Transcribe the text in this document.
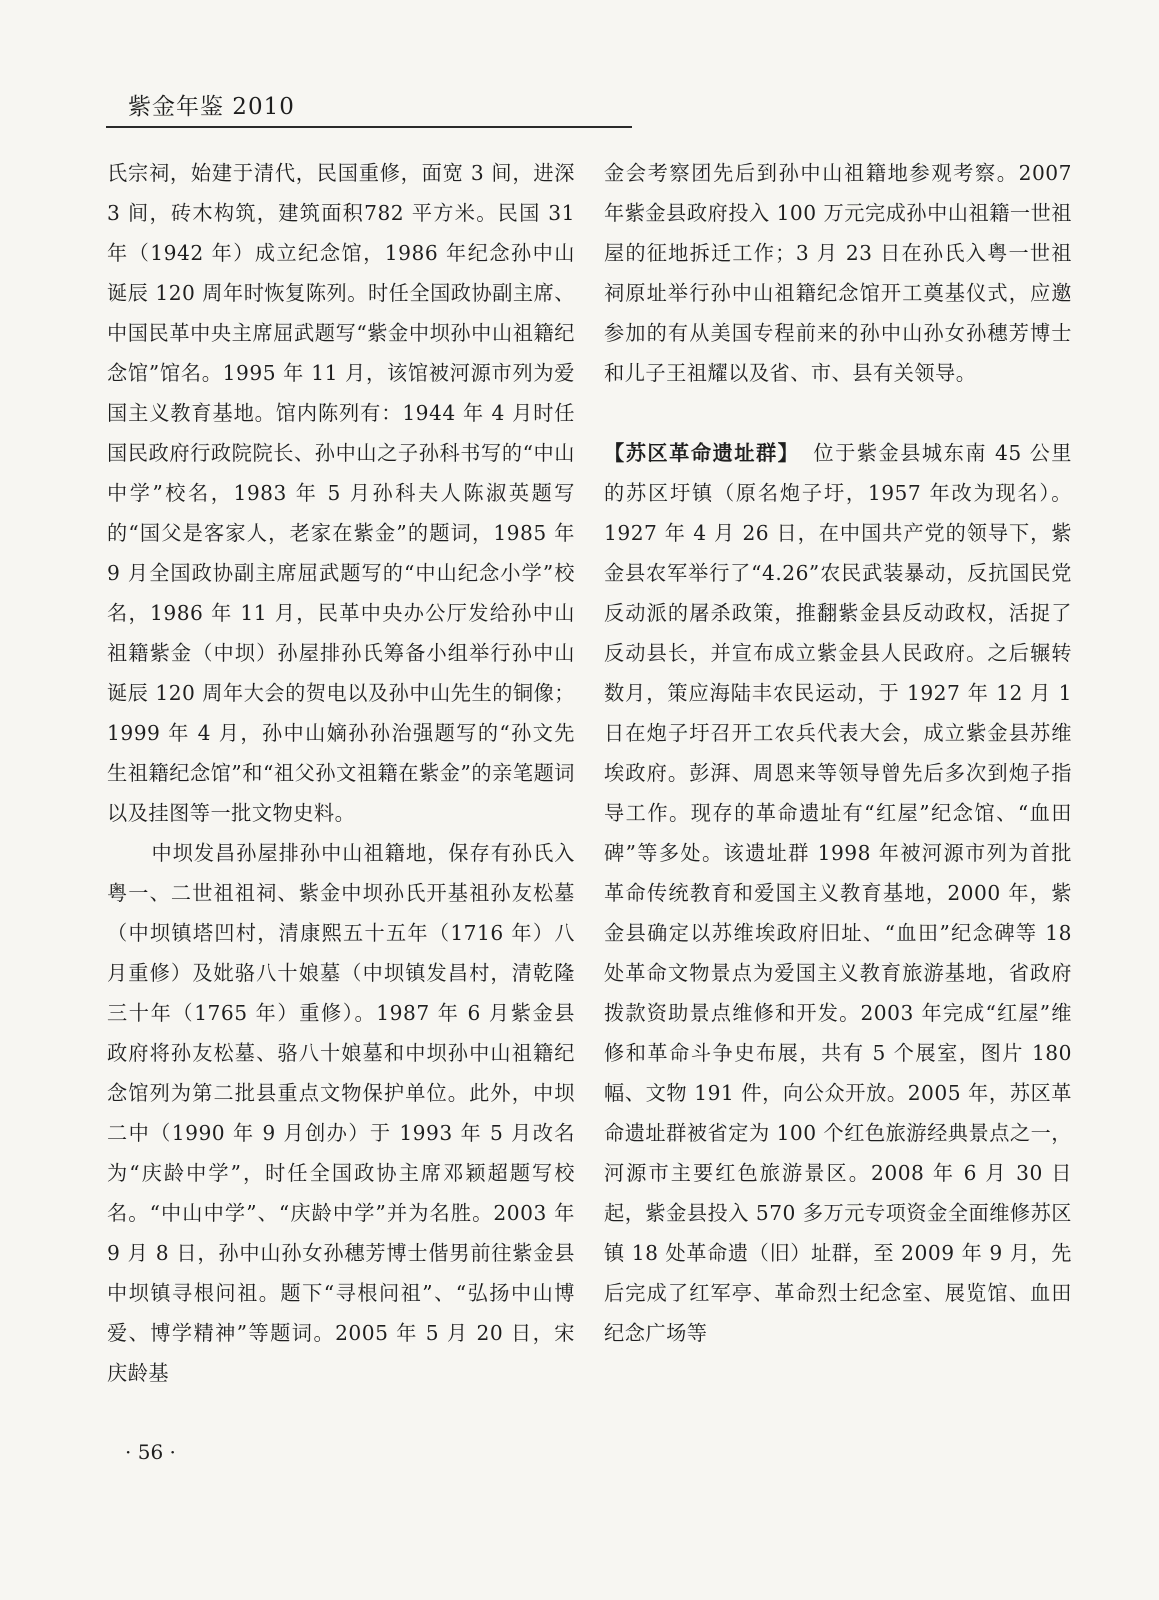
紫金年鉴 2010

氏宗祠，始建于清代，民国重修，面宽 3 间，进深3 间，砖木构筑，建筑面积782 平方米。民国 31 年（1942 年）成立纪念馆，1986 年纪念孙中山诞辰 120 周年时恢复陈列。时任全国政协副主席、中国民革中央主席屈武题写“紫金中坝孙中山祖籍纪念馆”馆名。1995 年 11 月，该馆被河源市列为爱国主义教育基地。馆内陈列有：1944 年 4 月时任国民政府行政院院长、孙中山之子孙科书写的“中山中学”校名，1983 年 5 月孙科夫人陈淑英题写的“国父是客家人，老家在紫金”的题词，1985 年 9 月全国政协副主席屈武题写的“中山纪念小学”校名，1986 年 11 月，民革中央办公厅发给孙中山祖籍紫金（中坝）孙屋排孙氏筹备小组举行孙中山诞辰 120 周年大会的贺电以及孙中山先生的铜像；1999 年 4 月，孙中山嫡孙孙治强题写的“孙文先生祖籍纪念馆”和“祖父孙文祖籍在紫金”的亲笔题词以及挂图等一批文物史料。

中坝发昌孙屋排孙中山祖籍地，保存有孙氏入粤一、二世祖祖祠、紫金中坝孙氏开基祖孙友松墓（中坝镇塔凹村，清康熙五十五年（1716 年）八月重修）及妣骆八十娘墓（中坝镇发昌村，清乾隆三十年（1765 年）重修）。1987 年 6 月紫金县政府将孙友松墓、骆八十娘墓和中坝孙中山祖籍纪念馆列为第二批县重点文物保护单位。此外，中坝二中（1990 年 9 月创办）于 1993 年 5 月改名为“庆龄中学”，时任全国政协主席邓颖超题写校名。“中山中学”、“庆龄中学”并为名胜。2003 年 9 月 8 日，孙中山孙女孙穗芳博士偕男前往紫金县中坝镇寻根问祖。题下“寻根问祖”、“弘扬中山博爱、博学精神”等题词。2005 年 5 月 20 日，宋庆龄基

金会考察团先后到孙中山祖籍地参观考察。2007 年紫金县政府投入 100 万元完成孙中山祖籍一世祖屋的征地拆迁工作；3 月 23 日在孙氏入粤一世祖祠原址举行孙中山祖籍纪念馆开工奠基仪式，应邀参加的有从美国专程前来的孙中山孙女孙穗芳博士和儿子王祖耀以及省、市、县有关领导。

【苏区革命遗址群】 位于紫金县城东南 45 公里的苏区圩镇（原名炮子圩，1957 年改为现名）。1927 年 4 月 26 日，在中国共产党的领导下，紫金县农军举行了“4.26”农民武装暴动，反抗国民党反动派的屠杀政策，推翻紫金县反动政权，活捉了反动县长，并宣布成立紫金县人民政府。之后辗转数月，策应海陆丰农民运动，于 1927 年 12 月 1 日在炮子圩召开工农兵代表大会，成立紫金县苏维埃政府。彭湃、周恩来等领导曾先后多次到炮子指导工作。现存的革命遗址有“红屋”纪念馆、“血田碑”等多处。该遗址群 1998 年被河源市列为首批革命传统教育和爱国主义教育基地，2000 年，紫金县确定以苏维埃政府旧址、“血田”纪念碑等 18 处革命文物景点为爱国主义教育旅游基地，省政府拨款资助景点维修和开发。2003 年完成“红屋”维修和革命斗争史布展，共有 5 个展室，图片 180 幅、文物 191 件，向公众开放。2005 年，苏区革命遗址群被省定为 100 个红色旅游经典景点之一，河源市主要红色旅游景区。2008 年 6 月 30 日起，紫金县投入 570 多万元专项资金全面维修苏区镇 18 处革命遗（旧）址群，至 2009 年 9 月，先后完成了红军亭、革命烈士纪念室、展览馆、血田纪念广场等

· 56 ·
